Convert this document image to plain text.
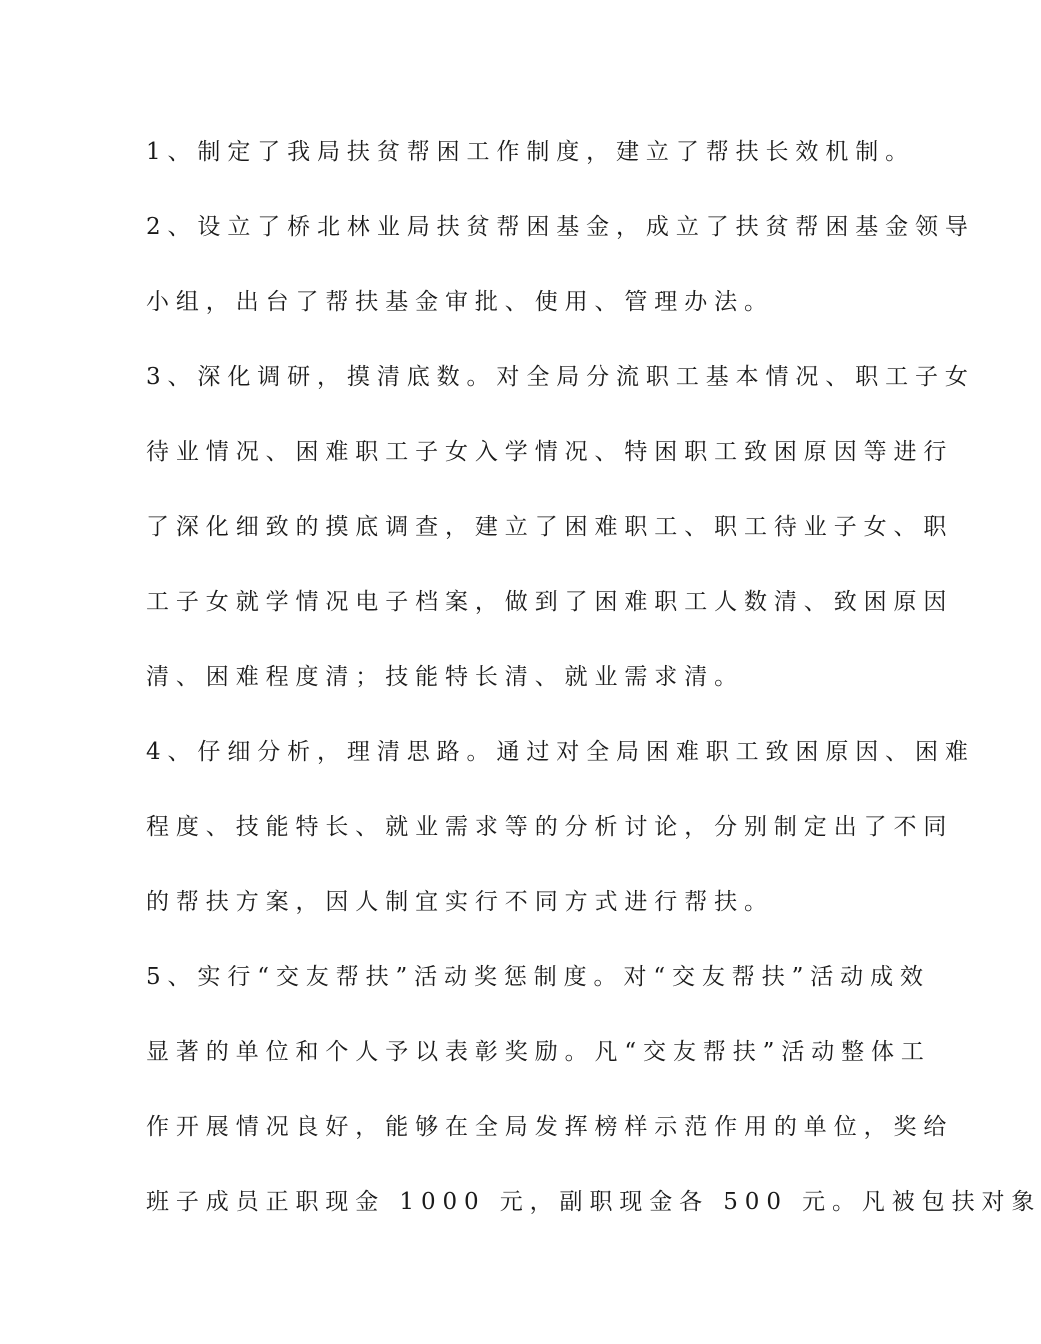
1、制定了我局扶贫帮困工作制度，建立了帮扶长效机制。
2、设立了桥北林业局扶贫帮困基金，成立了扶贫帮困基金领导
小组，出台了帮扶基金审批、使用、管理办法。
3、深化调研，摸清底数。对全局分流职工基本情况、职工子女
待业情况、困难职工子女入学情况、特困职工致困原因等进行
了深化细致的摸底调查，建立了困难职工、职工待业子女、职
工子女就学情况电子档案，做到了困难职工人数清、致困原因
清、困难程度清；技能特长清、就业需求清。
4、仔细分析，理清思路。通过对全局困难职工致困原因、困难
程度、技能特长、就业需求等的分析讨论，分别制定出了不同
的帮扶方案，因人制宜实行不同方式进行帮扶。
5、实行“交友帮扶”活动奖惩制度。对“交友帮扶”活动成效
显著的单位和个人予以表彰奖励。凡“交友帮扶”活动整体工
作开展情况良好，能够在全局发挥榜样示范作用的单位，奖给
班子成员正职现金 1000 元，副职现金各 500 元。凡被包扶对象
